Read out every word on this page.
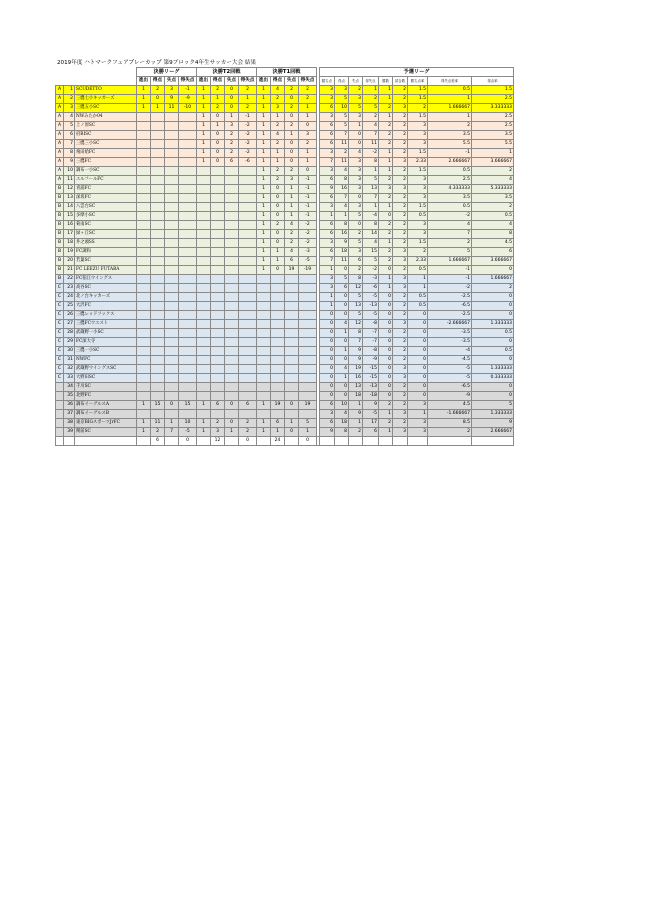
2019年度 ハトマークフェアプレーカップ 第9ブロック4年生サッカー大会 結果
			決勝リーグ				決勝T2回戦				決勝T1回戦					予選リーグ								
			進出	得点	失点	得失点	進出	得点	失点	得失点	進出	得点	失点	得失点		勝ち点	得点	失点	得失点	勝数	試合数	勝ち点率	得失点差率	得点率
A	1	SCUDETTO	1	2	3	-1	1	2	0	2	1	4	2	2		3	3	2	1	1	2	1.5	0.5	1.5
A	2	三鷹七小キッカーズ	1	0	9	-9	1	1	0	1	1	2	0	2		3	5	3	2	1	2	1.5	1	2.5
A	3	三鷹五小SC	1	1	11	-10	1	2	0	2	1	3	2	1		6	10	5	5	2	3	2	1.666667	3.333333
A	4	NWみたか04					1	0	1	-1	1	1	0	1		3	5	3	2	1	2	1.5	1	2.5
A	5	上ノ原SC					1	1	3	-2	1	2	2	0		6	5	1	4	2	2	3	2	2.5
A	6	府BISC					1	0	2	-2	1	4	1	3		6	7	0	7	2	2	3	3.5	3.5
A	7	三鷹三小SC					1	0	2	-2	1	2	0	2		6	11	0	11	2	2	3	5.5	5.5
A	8	飛田給FC					1	0	2	-2	1	1	0	1		3	2	4	-2	1	2	1.5	-1	1
A	9	三鷹FC					1	0	6	-6	1	1	0	1		7	11	3	8	1	3	2.33	2.666667	3.666667
A	10	調布一小SC									1	2	2	0		3	4	3	1	1	2	1.5	0.5	2
A	11	エルフールFC									1	2	3	-1		6	8	3	5	2	2	3	2.5	4
B	12	青浦FC									1	0	1	-1		9	16	3	13	3	3	3	4.333333	5.333333
B	13	深坂FC									1	0	1	-1		6	7	0	7	2	2	3	3.5	3.5
B	14	八雲台SC									1	0	1	-1		3	4	3	1	1	2	1.5	0.5	2
B	15	多摩小SC									1	0	1	-1		1	1	5	-4	0	2	0.5	-2	0.5
B	16	菊南SC									1	2	4	-2		6	8	0	8	2	2	3	4	4
B	17	緑ヶ丘SC									1	0	2	-2		6	16	2	14	2	2	3	7	8
B	18	井之頭SS									1	0	2	-2		3	9	5	4	1	2	1.5	2	4.5
B	19	FC調和									1	1	4	-3		6	18	3	15	2	3	2	5	6
B	20	若葉SC									1	1	6	-5		7	11	6	5	2	3	2.33	1.666667	3.666667
B	21	FC LEEZU FUTABA									1	0	19	-19		1	0	2	-2	0	2	0.5	-1	0
B	22	FC狛江ウイングス														3	5	8	-3	1	3	1	-1	1.666667
C	23	高谷SC														3	6	12	-6	1	3	1	-2	2
C	24	北ノ台キッカーズ														1	0	5	-5	0	2	0.5	-2.5	0
C	25	大沢FC														1	0	13	-13	0	2	0.5	-6.5	0
C	26	三鷹レッドソックス														0	0	5	-5	0	2	0	-2.5	0
C	27	三鷹FCウエスト														0	4	12	-8	0	3	0	-2.666667	1.333333
C	28	武蔵野一小SC														0	1	8	-7	0	2	0	-3.5	0.5
C	29	FC深大寺														0	0	7	-7	0	2	0	-3.5	0
C	30	三鷹一小SC														0	1	9	-8	0	2	0	-4	0.5
C	31	NWFC														0	0	9	-9	0	2	0	-4.5	0
C	32	武蔵野ウイングスSC														0	4	19	-15	0	3	0	-5	1.333333
C	33	大野田SC														0	1	16	-15	0	3	0	-5	0.333333
	34	千川SC														0	0	13	-13	0	2	0	-6.5	0
	35	北野FC														0	0	18	-18	0	2	0	-9	0
	36	調布イーグルスA	1	15	0	15	1	6	0	6	1	19	0	19		6	10	1	9	2	2	3	4.5	5
	37	調布イーグルスB														3	4	9	-5	1	3	1	-1.666667	1.333333
	38	東京BIGスポーツJrFC	1	11	1	10	1	2	0	2	1	6	1	5		6	18	1	17	2	2	3	8.5	9
	39	関前SC	1	2	7	-5	1	3	1	2	1	1	0	1		9	8	2	6	1	3	3	2	2.666667
				6		0		12		0		24		0										
